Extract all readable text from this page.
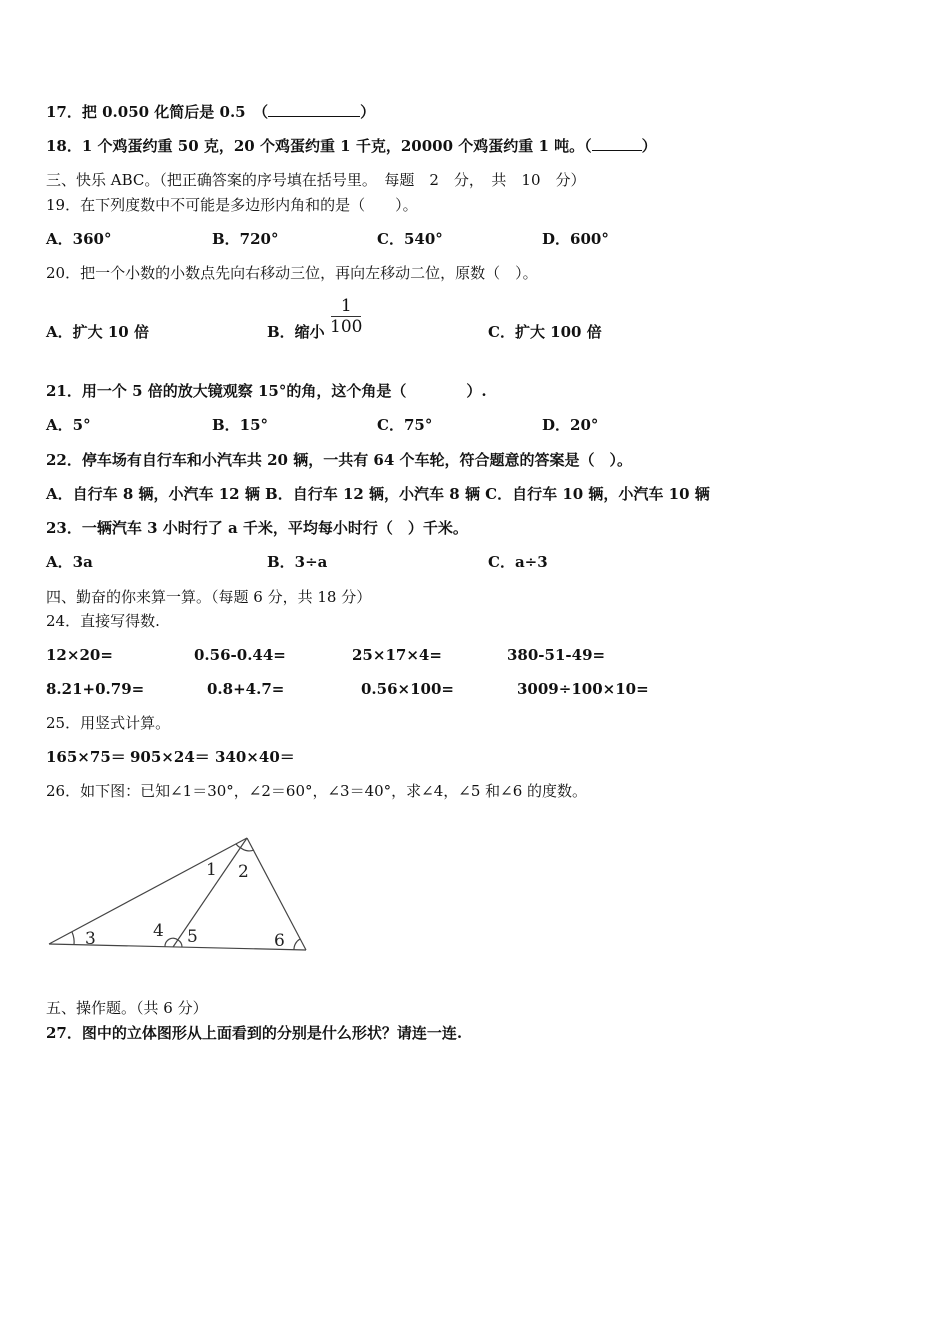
17．把 0.050 化简后是 0.5　（	）
18．1 个鸡蛋约重 50 克，20 个鸡蛋约重 1 千克，20000 个鸡蛋约重 1 吨。（	）
三、快乐 ABC。（把正确答案的序号填在括号里。　每题　2　分，　共　10　分）
19．在下列度数中不可能是多边形内角和的是（　　）。
A．360°	B．720°	C．540°	D．600°
20．把一个小数的小数点先向右移动三位，再向左移动二位，原数（　）。
A．扩大 10 倍	B．缩小
1
100	C．扩大 100 倍
21．用一个 5 倍的放大镜观察 15°的角，这个角是（　　　　）.
A．5°	B．15°	C．75°	D．20°
22．停车场有自行车和小汽车共 20 辆，一共有 64 个车轮，符合题意的答案是（　）。
A．自行车 8 辆，小汽车 12 辆 B．自行车 12 辆，小汽车 8 辆 C．自行车 10 辆，小汽车 10 辆
23．一辆汽车 3 小时行了 a 千米，平均每小时行（　）千米。
A．3a	B．3÷a	C．a÷3
四、勤奋的你来算一算。（每题 6 分，共 18 分）
24．直接写得数.
12×20=	0.56-0.44=	25×17×4=	380-51-49=
8.21+0.79=	0.8+4.7=	0.56×100=	3009÷100×10=
25．用竖式计算。
165×75＝ 905×24＝ 340×40＝
26．如下图：已知∠1＝30°，∠2＝60°，∠3＝40°，求∠4，∠5 和∠6 的度数。
1 2
3	4 5	6
五、操作题。（共 6 分）
27．图中的立体图形从上面看到的分别是什么形状？请连一连.
